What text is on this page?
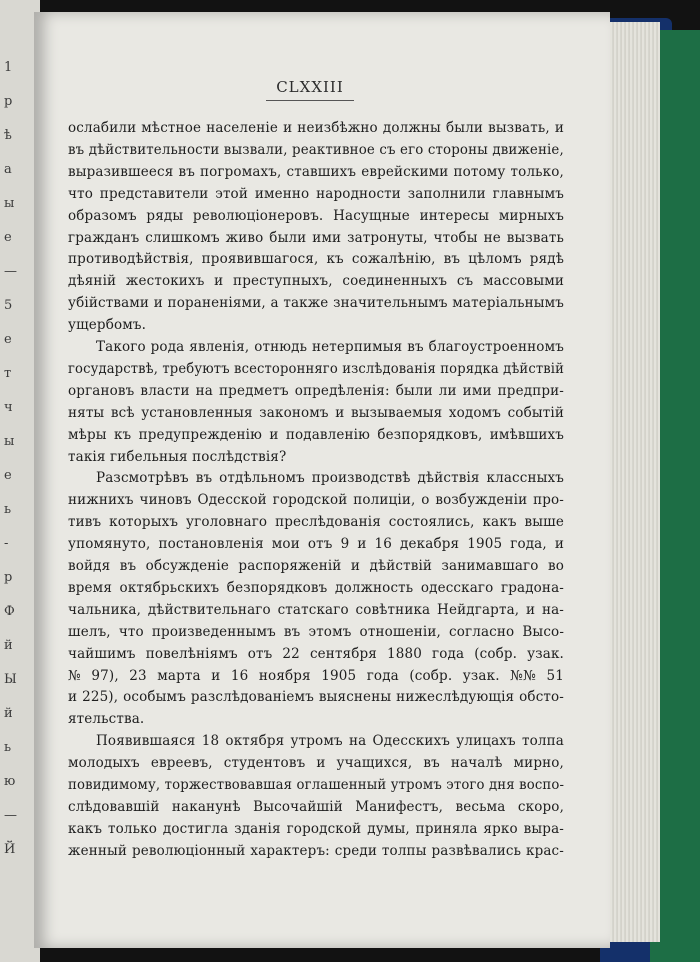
1
р
ѣ
а
ы
е
—
5
е
т
ч
ы
е
ь
-
р
Ф
й
Ы
й
ь
ю
—
Й
CLXXIII
ослабили мѣстное населеніе и неизбѣжно должны были вызвать, и
въ дѣйствительности вызвали, реактивное съ его стороны движеніе,
выразившееся въ погромахъ, ставшихъ еврейскими потому только,
что представители этой именно народности заполнили главнымъ
образомъ ряды революціонеровъ. Насущные интересы мирныхъ
гражданъ слишкомъ живо были ими затронуты, чтобы не вызвать
противодѣйствія, проявившагося, къ сожалѣнію, въ цѣломъ рядѣ
дѣяній жестокихъ и преступныхъ, соединенныхъ съ массовыми
убійствами и пораненіями, а также значительнымъ матеріальнымъ
ущербомъ.
Такого рода явленія, отнюдь нетерпимыя въ благоустроенномъ
государствѣ, требуютъ всесторонняго изслѣдованія порядка дѣйствій
органовъ власти на предметъ опредѣленія: были ли ими предпри-
няты всѣ установленныя закономъ и вызываемыя ходомъ событій
мѣры къ предупрежденію и подавленію безпорядковъ, имѣвшихъ
такія гибельныя послѣдствія?
Разсмотрѣвъ въ отдѣльномъ производствѣ дѣйствія классныхъ
нижнихъ чиновъ Одесской городской полиціи, о возбужденіи про-
тивъ которыхъ уголовнаго преслѣдованія состоялись, какъ выше
упомянуто, постановленія мои отъ 9 и 16 декабря 1905 года, и
войдя въ обсужденіе распоряженій и дѣйствій занимавшаго во
время октябрьскихъ безпорядковъ должность одесскаго градона-
чальника, дѣйствительнаго статскаго совѣтника Нейдгарта, и на-
шелъ, что произведеннымъ въ этомъ отношеніи, согласно Высо-
чайшимъ повелѣніямъ отъ 22 сентября 1880 года (собр. узак.
№ 97), 23 марта и 16 ноября 1905 года (собр. узак. №№ 51
и 225), особымъ разслѣдованіемъ выяснены нижеслѣдующія обсто-
ятельства.
Появившаяся 18 октября утромъ на Одесскихъ улицахъ толпа
молодыхъ евреевъ, студентовъ и учащихся, въ началѣ мирно,
повидимому, торжествовавшая оглашенный утромъ этого дня воспо-
слѣдовавшій наканунѣ Высочайшій Манифестъ, весьма скоро,
какъ только достигла зданія городской думы, приняла ярко выра-
женный революціонный характеръ: среди толпы развѣвались крас-
